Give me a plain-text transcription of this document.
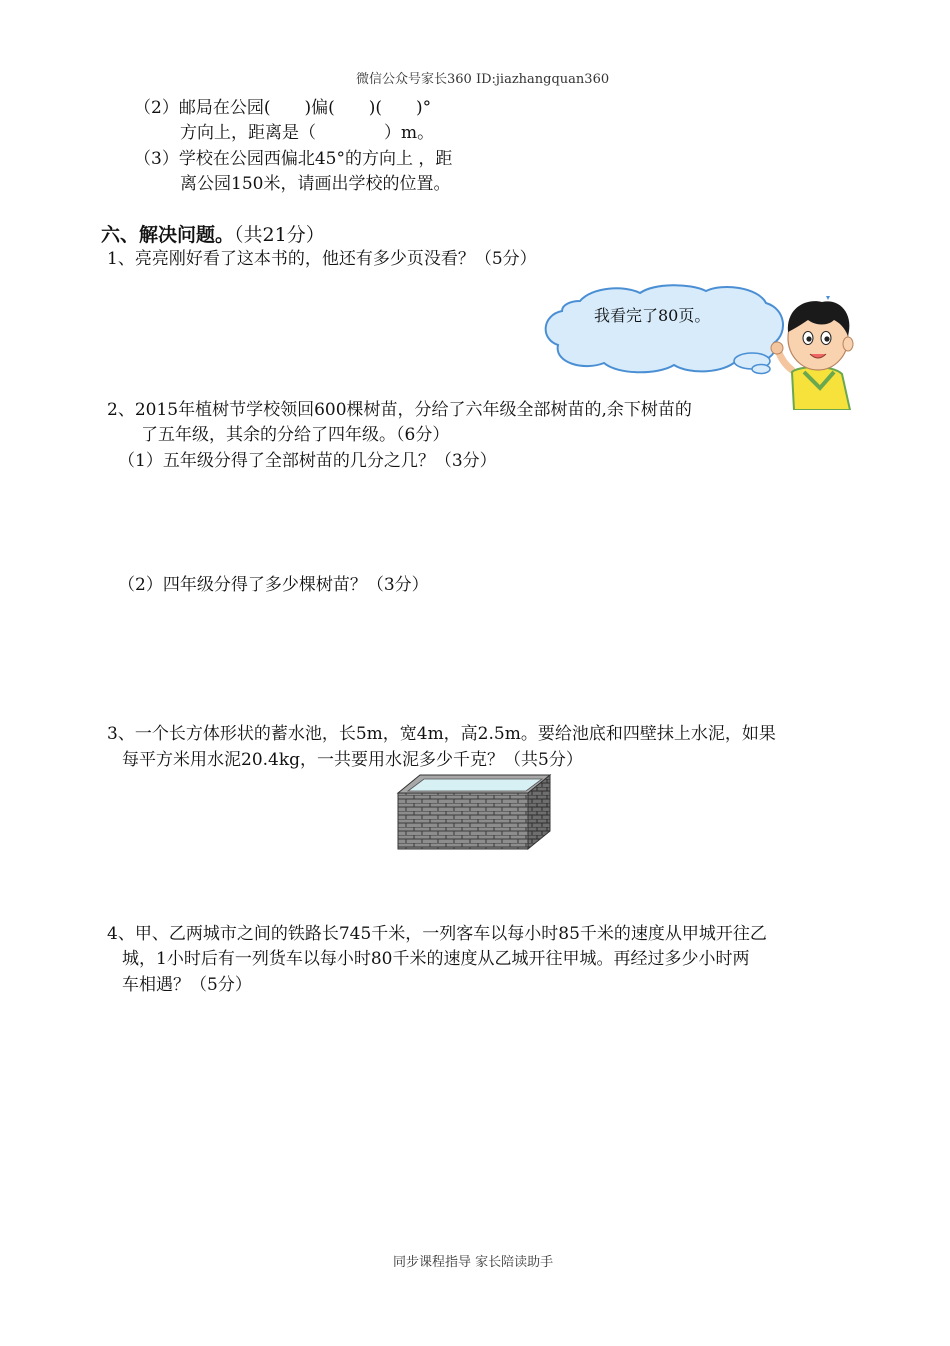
微信公众号家长360 ID:jiazhangquan360
（2）邮局在公园(　　)偏(　　)(　　)°
方向上，距离是（　　　　）m。
（3）学校在公园西偏北45°的方向上 ，距
离公园150米，请画出学校的位置。
六、解决问题。（共21分）
1、亮亮刚好看了这本书的，他还有多少页没看？（5分）
我看完了80页。
2、2015年植树节学校领回600棵树苗，分给了六年级全部树苗的,余下树苗的
了五年级，其余的分给了四年级。（6分）
（1）五年级分得了全部树苗的几分之几？（3分）
（2）四年级分得了多少棵树苗？（3分）
3、一个长方体形状的蓄水池，长5m，宽4m，高2.5m。要给池底和四壁抹上水泥，如果
每平方米用水泥20.4kg，一共要用水泥多少千克？（共5分）
4、甲、乙两城市之间的铁路长745千米，一列客车以每小时85千米的速度从甲城开往乙
城，1小时后有一列货车以每小时80千米的速度从乙城开往甲城。再经过多少小时两
车相遇？（5分）
同步课程指导 家长陪读助手
